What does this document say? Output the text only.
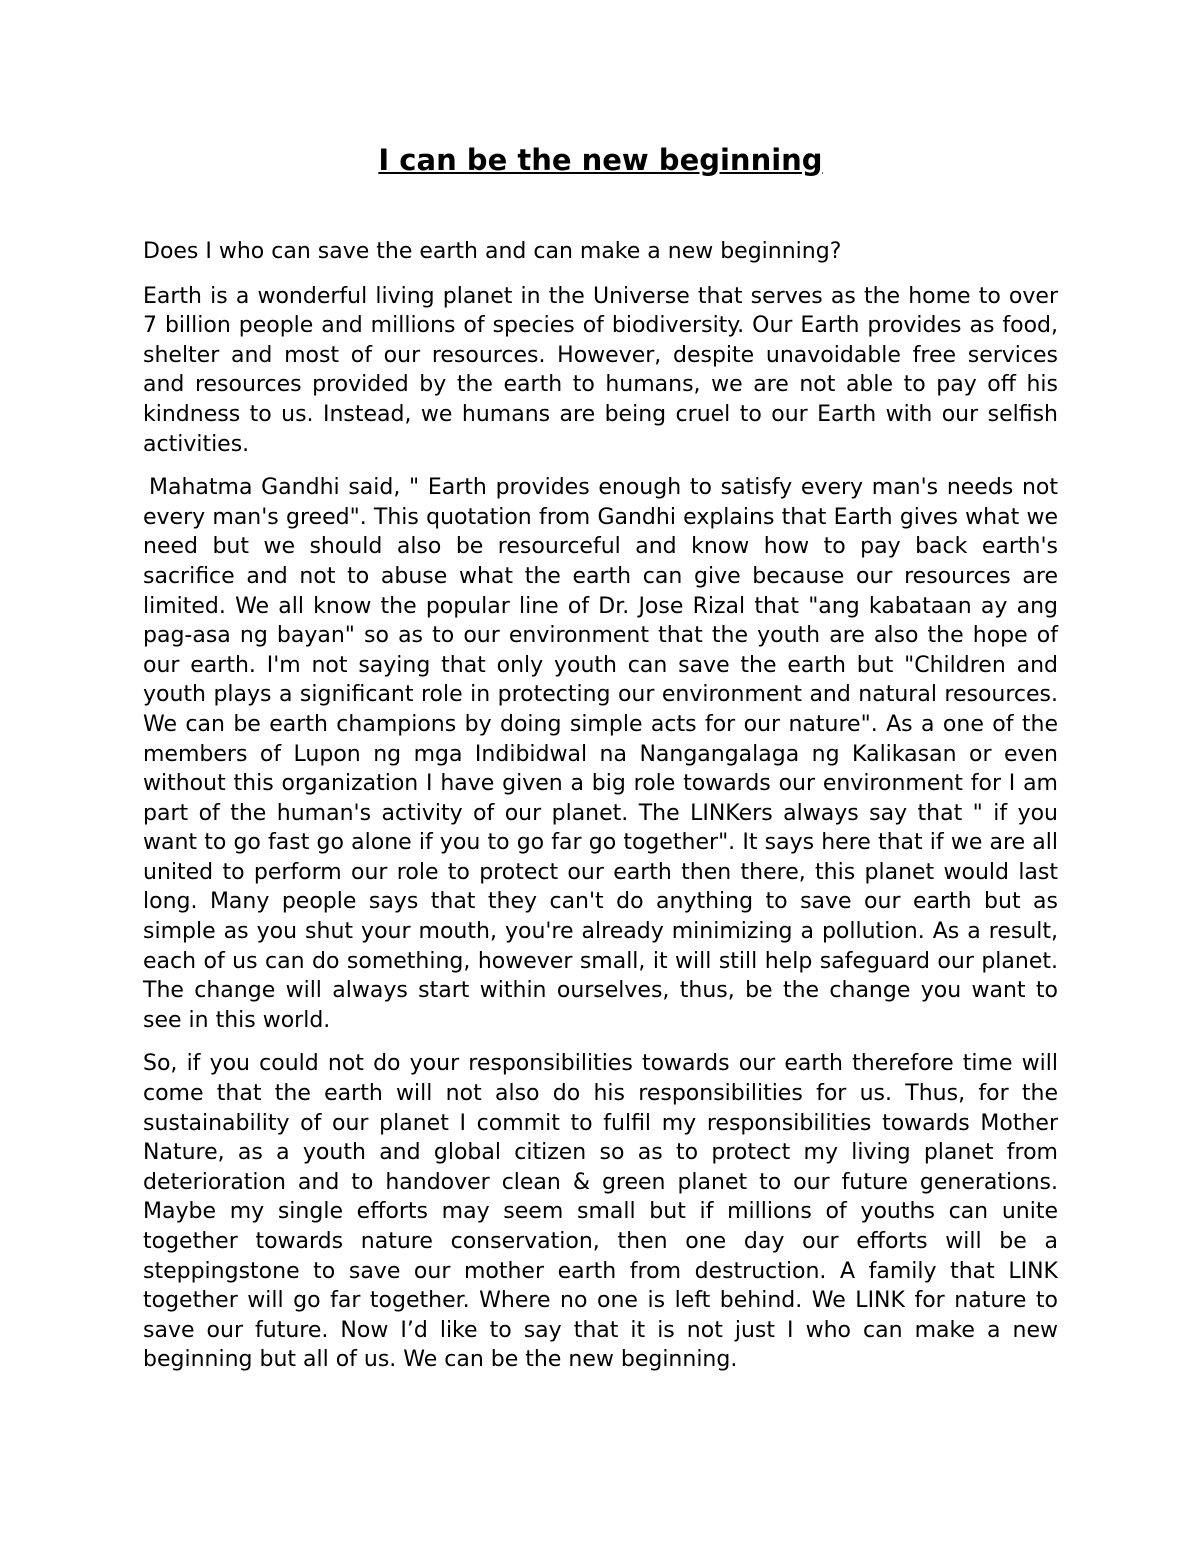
I can be the new beginning

Does I who can save the earth and can make a new beginning?

Earth is a wonderful living planet in the Universe that serves as the home to over 7 billion people and millions of species of biodiversity. Our Earth provides as food, shelter and most of our resources. However, despite unavoidable free services and resources provided by the earth to humans, we are not able to pay off his kindness to us. Instead, we humans are being cruel to our Earth with our selfish activities.

Mahatma Gandhi said, " Earth provides enough to satisfy every man's needs not every man's greed". This quotation from Gandhi explains that Earth gives what we need but we should also be resourceful and know how to pay back earth's sacrifice and not to abuse what the earth can give because our resources are limited. We all know the popular line of Dr. Jose Rizal that "ang kabataan ay ang pag-asa ng bayan" so as to our environment that the youth are also the hope of our earth. I'm not saying that only youth can save the earth but "Children and youth plays a significant role in protecting our environment and natural resources. We can be earth champions by doing simple acts for our nature". As a one of the members of Lupon ng mga Indibidwal na Nangangalaga ng Kalikasan or even without this organization I have given a big role towards our environment for I am part of the human's activity of our planet. The LINKers always say that " if you want to go fast go alone if you to go far go together". It says here that if we are all united to perform our role to protect our earth then there, this planet would last long. Many people says that they can't do anything to save our earth but as simple as you shut your mouth, you're already minimizing a pollution. As a result, each of us can do something, however small, it will still help safeguard our planet. The change will always start within ourselves, thus, be the change you want to see in this world.

So, if you could not do your responsibilities towards our earth therefore time will come that the earth will not also do his responsibilities for us. Thus, for the sustainability of our planet I commit to fulfil my responsibilities towards Mother Nature, as a youth and global citizen so as to protect my living planet from deterioration and to handover clean & green planet to our future generations. Maybe my single efforts may seem small but if millions of youths can unite together towards nature conservation, then one day our efforts will be a steppingstone to save our mother earth from destruction. A family that LINK together will go far together. Where no one is left behind. We LINK for nature to save our future. Now I’d like to say that it is not just I who can make a new beginning but all of us. We can be the new beginning.
